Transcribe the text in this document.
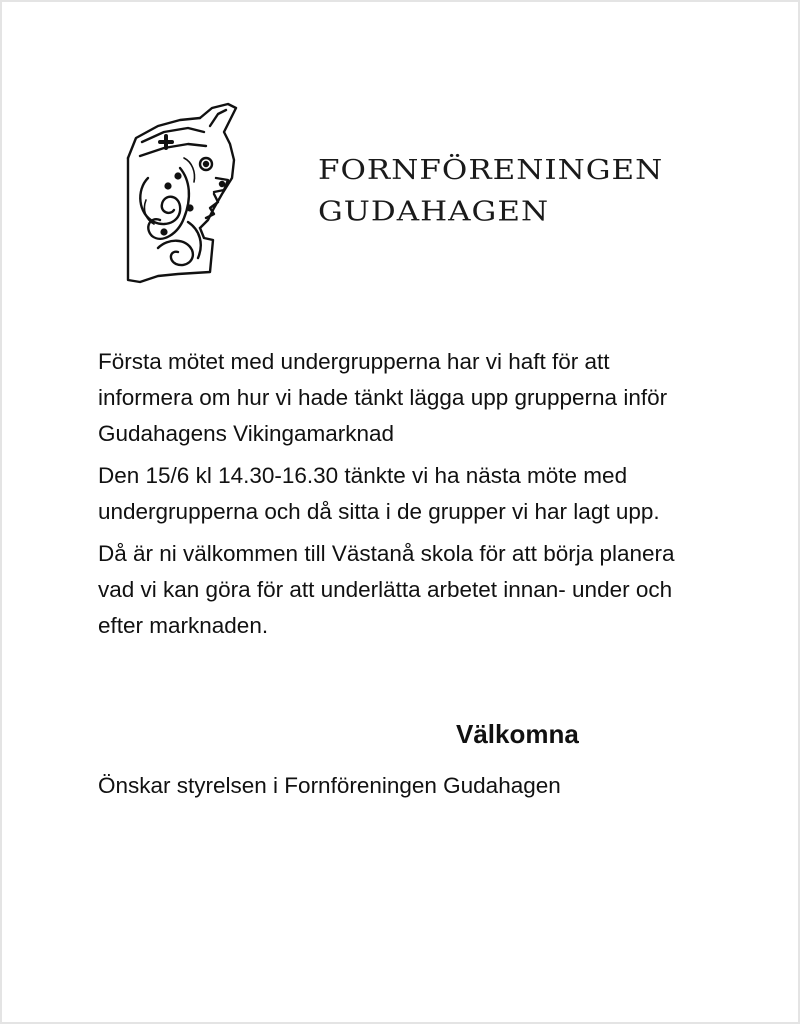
FORNFÖRENINGEN
GUDAHAGEN

Första mötet med undergrupperna har vi haft för att informera om hur vi hade tänkt lägga upp grupperna inför Gudahagens Vikingamarknad

Den 15/6 kl 14.30-16.30 tänkte vi ha nästa möte med undergrupperna och då sitta i de grupper vi har lagt upp.

Då är ni välkommen till Västanå skola för att börja planera vad vi kan göra för att underlätta arbetet innan- under och efter marknaden.

Välkomna

Önskar styrelsen i Fornföreningen Gudahagen
